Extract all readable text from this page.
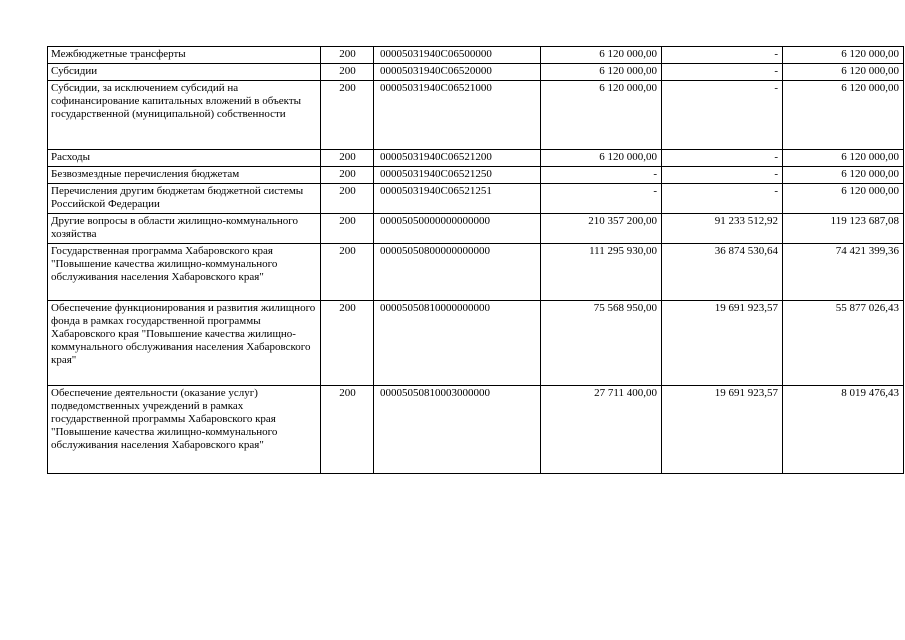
Межбюджетные трансферты	200	00005031940C06500000	6 120 000,00	-	6 120 000,00
Субсидии	200	00005031940C06520000	6 120 000,00	-	6 120 000,00
Субсидии, за исключением субсидий на софинансирование капитальных вложений в объекты государственной (муниципальной) собственности	200	00005031940C06521000	6 120 000,00	-	6 120 000,00
Расходы	200	00005031940C06521200	6 120 000,00	-	6 120 000,00
Безвозмездные перечисления бюджетам	200	00005031940C06521250	-	-	6 120 000,00
Перечисления другим бюджетам бюджетной системы Российской Федерации	200	00005031940C06521251	-	-	6 120 000,00
Другие вопросы в области жилищно-коммунального хозяйства	200	00005050000000000000	210 357 200,00	91 233 512,92	119 123 687,08
Государственная программа Хабаровского края "Повышение качества жилищно-коммунального обслуживания населения Хабаровского края"	200	00005050800000000000	111 295 930,00	36 874 530,64	74 421 399,36
Обеспечение функционирования и развития жилищного фонда в рамках государственной программы Хабаровского края "Повышение качества жилищно-коммунального обслуживания населения Хабаровского края"	200	00005050810000000000	75 568 950,00	19 691 923,57	55 877 026,43
Обеспечение деятельности (оказание услуг) подведомственных учреждений в рамках государственной программы Хабаровского края "Повышение качества жилищно-коммунального обслуживания населения Хабаровского края"	200	00005050810003000000	27 711 400,00	19 691 923,57	8 019 476,43
